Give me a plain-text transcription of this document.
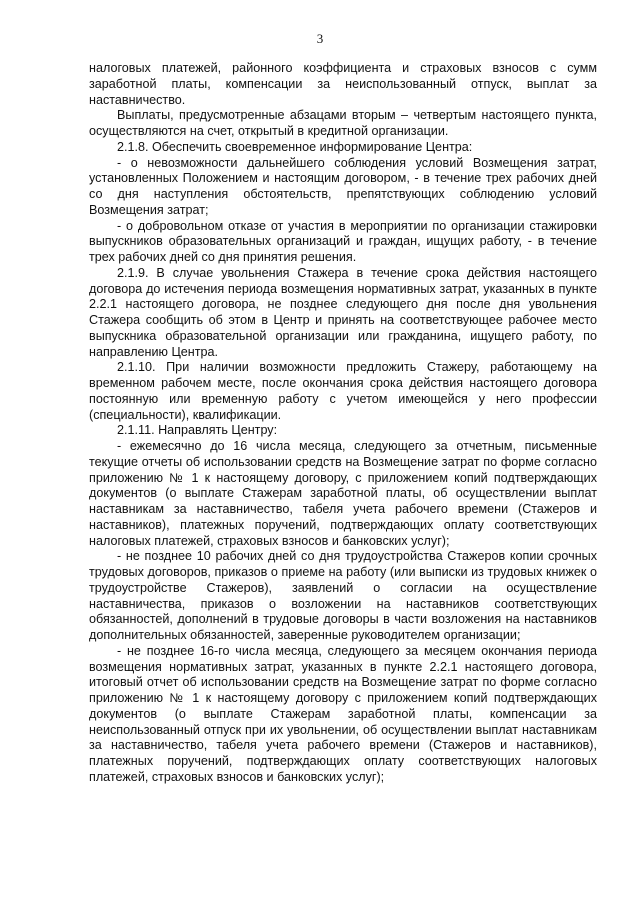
3

налоговых платежей, районного коэффициента и страховых взносов с сумм заработной платы, компенсации за неиспользованный отпуск, выплат за наставничество.

Выплаты, предусмотренные абзацами вторым – четвертым настоящего пункта, осуществляются на счет, открытый в кредитной организации.

2.1.8. Обеспечить своевременное информирование Центра:

- о невозможности дальнейшего соблюдения условий Возмещения затрат, установленных Положением и настоящим договором, - в течение трех рабочих дней со дня наступления обстоятельств, препятствующих соблюдению условий Возмещения затрат;

- о добровольном отказе от участия в мероприятии по организации стажировки выпускников образовательных организаций и граждан, ищущих работу, - в течение трех рабочих дней со дня принятия решения.

2.1.9. В случае увольнения Стажера в течение срока действия настоящего договора до истечения периода возмещения нормативных затрат, указанных в пункте 2.2.1 настоящего договора, не позднее следующего дня после дня увольнения Стажера сообщить об этом в Центр и принять на соответствующее рабочее место выпускника образовательной организации или гражданина, ищущего работу, по направлению Центра.

2.1.10. При наличии возможности предложить Стажеру, работающему на временном рабочем месте, после окончания срока действия настоящего договора постоянную или временную работу с учетом имеющейся у него профессии (специальности), квалификации.

2.1.11. Направлять Центру:

- ежемесячно до 16 числа месяца, следующего за отчетным, письменные текущие отчеты об использовании средств на Возмещение затрат по форме согласно приложению № 1 к настоящему договору, с приложением копий подтверждающих документов (о выплате Стажерам заработной платы, об осуществлении выплат наставникам за наставничество, табеля учета рабочего времени (Стажеров и наставников), платежных поручений, подтверждающих оплату соответствующих налоговых платежей, страховых взносов и банковских услуг);

- не позднее 10 рабочих дней со дня трудоустройства Стажеров копии срочных трудовых договоров, приказов о приеме на работу (или выписки из трудовых книжек о трудоустройстве Стажеров), заявлений о согласии на осуществление наставничества, приказов о возложении на наставников соответствующих обязанностей, дополнений в трудовые договоры в части возложения на наставников дополнительных обязанностей, заверенные руководителем организации;

- не позднее 16-го числа месяца, следующего за месяцем окончания периода возмещения нормативных затрат, указанных в пункте 2.2.1 настоящего договора, итоговый отчет об использовании средств на Возмещение затрат по форме согласно приложению № 1 к настоящему договору с приложением копий подтверждающих документов (о выплате Стажерам заработной платы, компенсации за неиспользованный отпуск при их увольнении, об осуществлении выплат наставникам за наставничество, табеля учета рабочего времени (Стажеров и наставников), платежных поручений, подтверждающих оплату соответствующих налоговых платежей, страховых взносов и банковских услуг);
